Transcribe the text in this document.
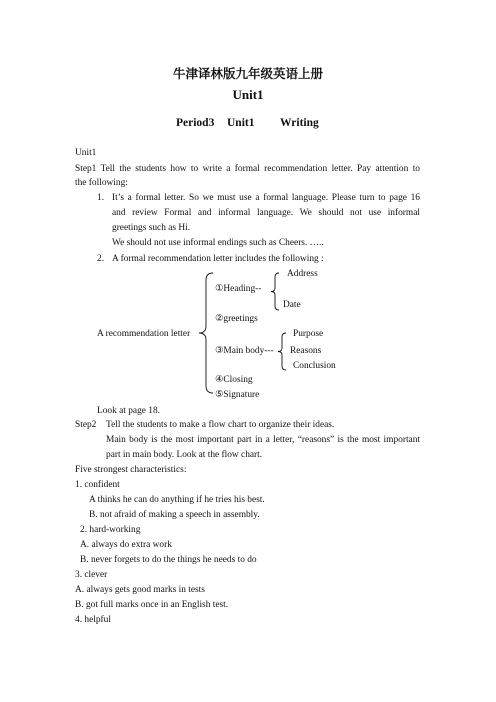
牛津译林版九年级英语上册
Unit1
Period3 Unit1 Writing
Unit1
Step1 Tell the students how to write a formal recommendation letter. Pay attention to
the following:
1. It’s a formal letter. So we must use a formal language. Please turn to page 16
and review Formal and informal language. We should not use informal
greetings such as Hi.
We should not use informal endings such as Cheers. …..
2. A formal recommendation letter includes the following :
A recommendation letter
①Heading--
Address
Date
②greetings
③Main body---
Purpose
Reasons
Conclusion
④Closing
⑤Signature
Look at page 18.
Step2 Tell the students to make a flow chart to organize their ideas.
Main body is the most important part in a letter, “reasons” is the most important
part in main body. Look at the flow chart.
Five strongest characteristics:
1. confident
A thinks he can do anything if he tries his best.
B. not afraid of making a speech in assembly.
2. hard-working
A. always do extra work
B. never forgets to do the things he needs to do
3. clever
A. always gets good marks in tests
B. got full marks once in an English test.
4. helpful
